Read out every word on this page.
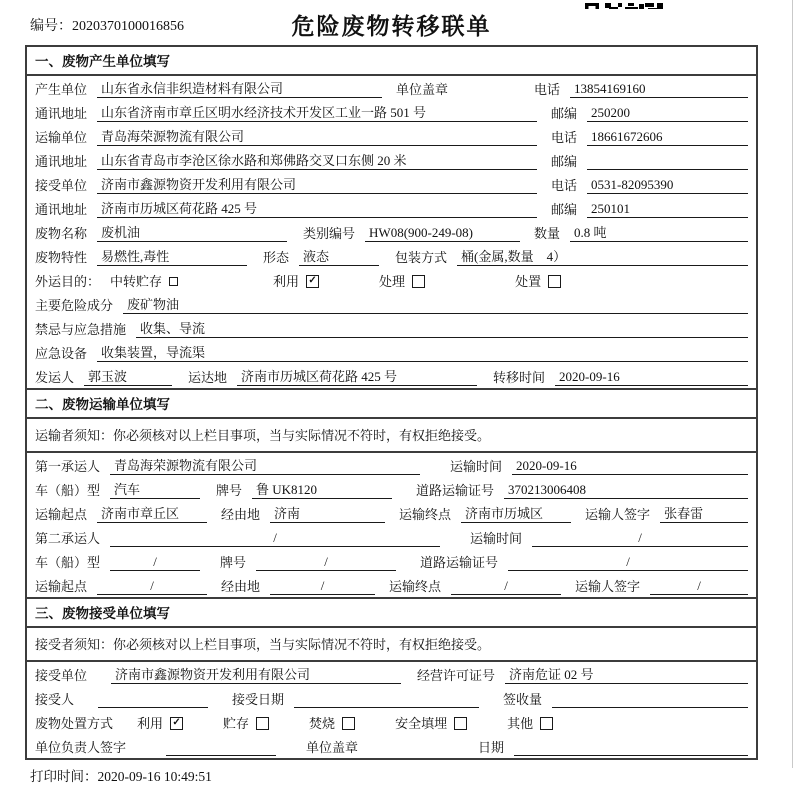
编号：2020370100016856	危险废物转移联单
一、废物产生单位填写
产生单位	山东省永信非织造材料有限公司	单位盖章	电话	13854169160
通讯地址	山东省济南市章丘区明水经济技术开发区工业一路 501 号	邮编	250200
运输单位	青岛海荣源物流有限公司	电话	18661672606
通讯地址	山东省青岛市李沧区徐水路和郑佛路交叉口东侧 20 米	邮编
接受单位	济南市鑫源物资开发利用有限公司	电话	0531-82095390
通讯地址	济南市历城区荷花路 425 号	邮编	250101
废物名称	废机油	类别编号	HW08(900-249-08)	数量	0.8 吨
废物特性	易燃性,毒性	形态	液态	包装方式	桶(金属,数量　4）
外运目的： 中转贮存	利用 ✓	处理	处置
主要危险成分	废矿物油
禁忌与应急措施	收集、导流
应急设备	收集装置，导流渠
发运人	郭玉波	运达地	济南市历城区荷花路 425 号	转移时间	2020-09-16
二、废物运输单位填写
运输者须知：你必须核对以上栏目事项，当与实际情况不符时，有权拒绝接受。
第一承运人	青岛海荣源物流有限公司	运输时间	2020-09-16
车（船）型	汽车	牌号	鲁 UK8120	道路运输证号	370213006408
运输起点	济南市章丘区	经由地	济南	运输终点	济南市历城区	运输人签字	张春雷
第二承运人	/	运输时间	/
车（船）型	/	牌号	/	道路运输证号	/
运输起点	/	经由地	/	运输终点	/	运输人签字	/
三、废物接受单位填写
接受者须知：你必须核对以上栏目事项，当与实际情况不符时，有权拒绝接受。
接受单位	济南市鑫源物资开发利用有限公司	经营许可证号	济南危证 02 号
接受人	接受日期	签收量
废物处置方式 利用 ✓	贮存	焚烧	安全填埋	其他
单位负责人签字	单位盖章	日期
打印时间：2020-09-16 10:49:51
